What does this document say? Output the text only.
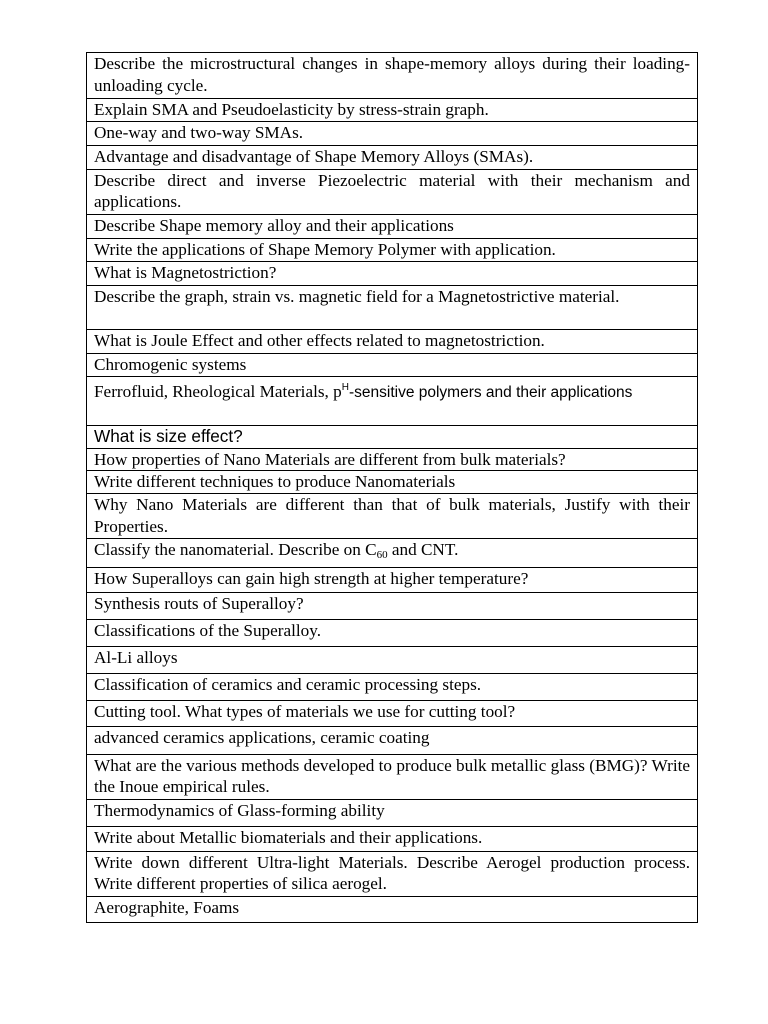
Describe the microstructural changes in shape-memory alloys during their loading-unloading cycle.
Explain SMA and Pseudoelasticity by stress-strain graph.
One-way and two-way SMAs.
Advantage and disadvantage of Shape Memory Alloys (SMAs).
Describe direct and inverse Piezoelectric material with their mechanism and applications.
Describe Shape memory alloy and their applications
Write the applications of Shape Memory Polymer with application.
What is Magnetostriction?
Describe the graph, strain vs. magnetic field for a Magnetostrictive material.
What is Joule Effect and other effects related to magnetostriction.
Chromogenic systems
Ferrofluid, Rheological Materials, $p^H$-sensitive polymers and their applications
What is size effect?
How properties of Nano Materials are different from bulk materials?
Write different techniques to produce Nanomaterials
Why Nano Materials are different than that of bulk materials, Justify with their Properties.
Classify the nanomaterial. Describe on $C_{60}$ and CNT.
How Superalloys can gain high strength at higher temperature?
Synthesis routs of Superalloy?
Classifications of the Superalloy.
Al-Li alloys
Classification of ceramics and ceramic processing steps.
Cutting tool. What types of materials we use for cutting tool?
advanced ceramics applications, ceramic coating
What are the various methods developed to produce bulk metallic glass (BMG)? Write the Inoue empirical rules.
Thermodynamics of Glass-forming ability
Write about Metallic biomaterials and their applications.
Write down different Ultra-light Materials. Describe Aerogel production process. Write different properties of silica aerogel.
Aerographite, Foams
